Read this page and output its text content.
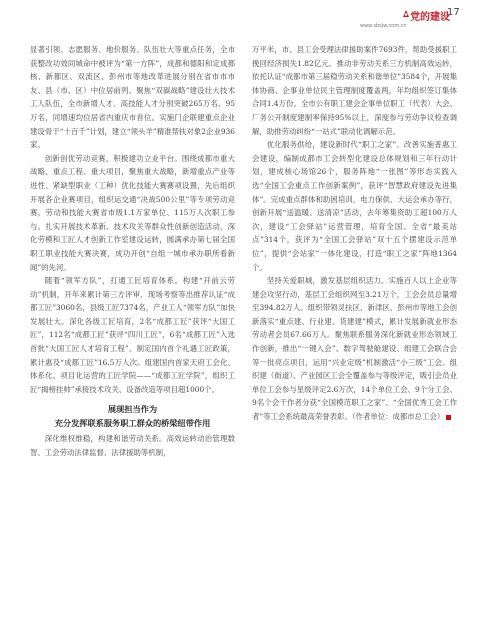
党的建设
www.sbsjw.com.cn
17

显著引领、志愿服务、地价服务、队伍壮大等重点任务，全市获整改功效同城命中被评为“第一方阵”，成都和德阳和定成都核、新都区、双流区、彭州市等地改革进展分别在省市市市友、县（市、区）中位居前列。聚焦“双碳战略”建设壮大技术工人队伍，全市新增人才、高技能人才分别突破265万名、95万名，同增速均位居省内重庆市首位。实施门企联建重点企业建设骨干“十百千”计划，建立“领头羊”精准帮扶对象2企业936家。

创新创优劳动竞赛，积极建功立业平台。围绕成都市重大战略、重点工程、重大项目，聚焦重大战略，新增重点产业等进性、紧缺型职业（工种）优化技能大赛赛项设置，先后组织开展各企业赛项目，组织运交通“决战500公里”等专项劳动竞赛，劳动和技能大赛省市级1.1万家单位、115万人次职工参与。扎实开展技术革新、技术攻关等群众性创新创造活动，深化劳模和工匠人才创新工作室建设运转，圆满承办第七届全国职工职业技能大赛决赛，成功开创“自组一城市承办职所看新闻”的先河。

随着“领军方队”，打通工匠培育体系。构建“开前云劳动”机制，开年来累计第三方评审、现场考察等出推荐认证“成都工匠”3060名，县级工匠7374名，产业工人“领军方队”加快发展壮大。深化各级工匠培育，2名“成都工匠”获评“大国工匠”，112名“成都工匠”获评“四川工匠”，6名“成都工匠”入选首批“大国工匠人才培育工程”。制定国内首个礼遇工匠政策，累计惠及“成都工匠”16.5万人次。组建国内首家天府工会化、体系化、项目化运营的工匠学院——“成都工匠学院”，组织工匠“揭榜挂帅”承接技术攻关、设备改造等项目超1000个。

展现担当作为
充分发挥联系服务职工群众的桥梁纽带作用

深化维权维稳，构建和谐劳动关系。高效运转动治管理数智、工会劳动法律监督、法律援助等机制，

万平米，市、县工会受理法律援助案件7693件，帮助受援职工挽回经济损失1.82亿元。推动非劳动关系三方机制高效运转，依托认证“成都市第三届稳劳动关系和谐单位”3584个，开展集体协商、企事业单位民主管理制度覆盖两，年均组织签订集体合同1.4万份。全市公有职工建会企事单位职工（代表）大会、厂务公开制度建制率保持95%以上，深度参与劳动争议检查调解，助推劳动纠纷“一站式”联动化调解示范。

优化服务供给，建设新时代“职工之家”。改善实施普惠工会建设，编制成都市工会转型化建设总体规划和三年行动计划，建成核心场馆26个，服务阵地“一张图”等形态实践入选“全国工会重点工作创新案例”，获评“智慧政府建设先进集体”。完成重点群体和助困培训，电力保供、大运会承办等行，创新开展“送温暖、送清凉”活动，去年筹集资助工超100万人次，建设“工会驿站”运营管理，培育全国、全省“最美站点”314个，获评为“全国工会驿站”双十五个摆建设示范单位”，提供“会站家”一体化建设，打造“职工之家”阵地1364个。

坚持关爱职城，激发基层组织活力。实施百人以上企业等建会攻坚行动，基层工会组织网至3.21万个，工会会员总量增至394.82万人。组织带领灵扶区、新津区、彭州市等地工会创新落实“重点建、行业建、货建建”模式，累计发展新就业形态劳动者会员67.66万人。聚焦联系服务深化新就业形态领域工作创新，推出“一键入会”、数字驾驶舱建设、组建工会联合会等一批亮点项目，运用“兴业定级”机制激活“小三级”工会。组织建（街道）、产业园区工会全覆盖参与等级评定，吸引会员业单位工会参与星级评定2.6万次，14个单位工会、9个分工会、9名个会干作者分获“全国模范职工之家”、“全国优秀工会工作者”等工会系统最高荣誉表彰。（作者单位：成都市总工会）
